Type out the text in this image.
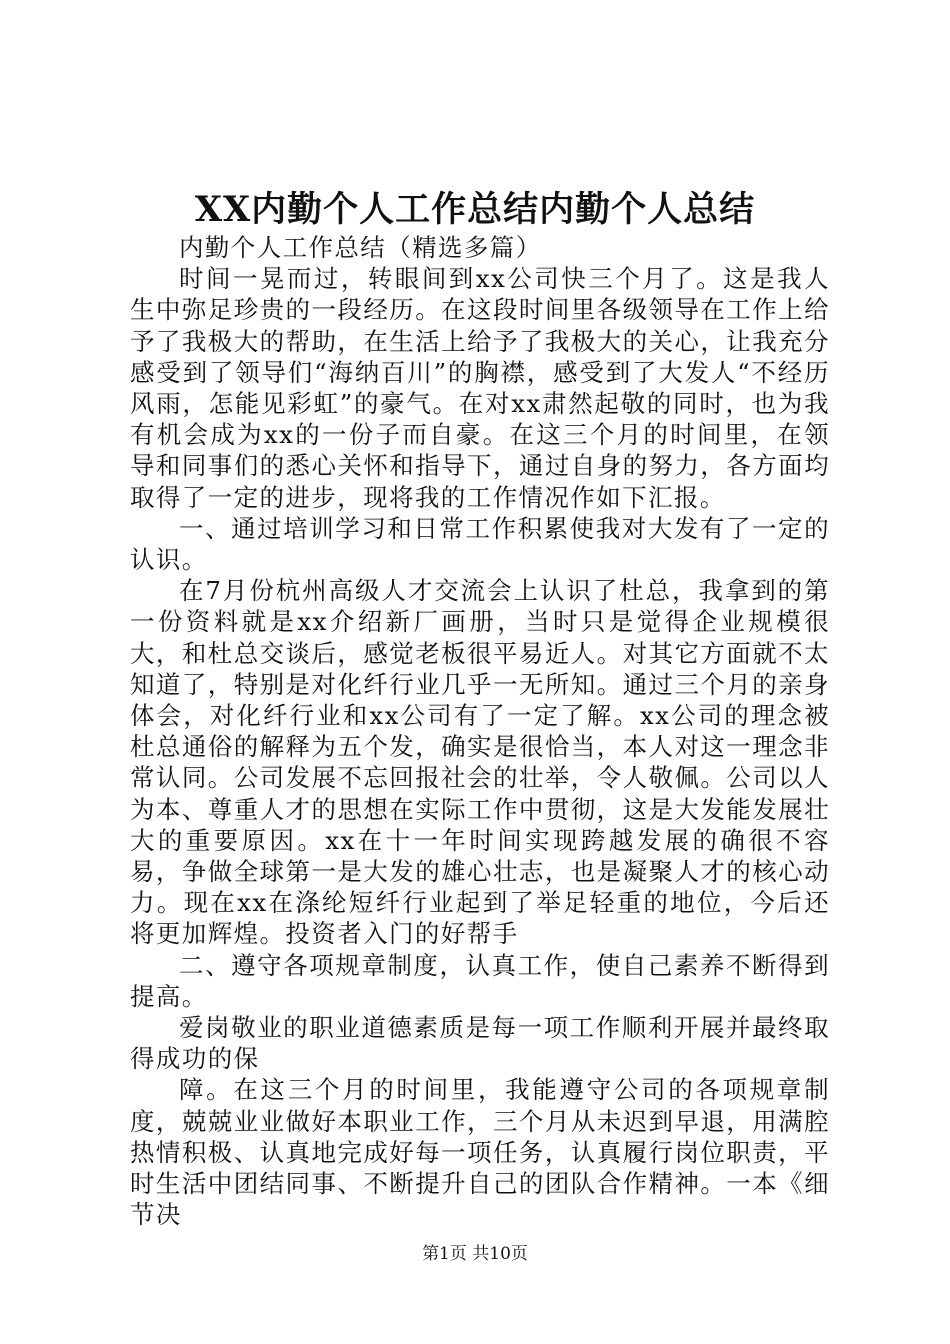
XX内勤个人工作总结内勤个人总结

内勤个人工作总结（精选多篇）

时间一晃而过，转眼间到xx公司快三个月了。这是我人生中弥足珍贵的一段经历。在这段时间里各级领导在工作上给予了我极大的帮助，在生活上给予了我极大的关心，让我充分感受到了领导们“海纳百川”的胸襟，感受到了大发人“不经历风雨，怎能见彩虹”的豪气。在对xx肃然起敬的同时，也为我有机会成为xx的一份子而自豪。在这三个月的时间里，在领导和同事们的悉心关怀和指导下，通过自身的努力，各方面均取得了一定的进步，现将我的工作情况作如下汇报。

一、通过培训学习和日常工作积累使我对大发有了一定的认识。

在7月份杭州高级人才交流会上认识了杜总，我拿到的第一份资料就是xx介绍新厂画册，当时只是觉得企业规模很大，和杜总交谈后，感觉老板很平易近人。对其它方面就不太知道了，特别是对化纤行业几乎一无所知。通过三个月的亲身体会，对化纤行业和xx公司有了一定了解。xx公司的理念被杜总通俗的解释为五个发，确实是很恰当，本人对这一理念非常认同。公司发展不忘回报社会的壮举，令人敬佩。公司以人为本、尊重人才的思想在实际工作中贯彻，这是大发能发展壮大的重要原因。xx在十一年时间实现跨越发展的确很不容易，争做全球第一是大发的雄心壮志，也是凝聚人才的核心动力。现在xx在涤纶短纤行业起到了举足轻重的地位，今后还将更加辉煌。投资者入门的好帮手

二、遵守各项规章制度，认真工作，使自己素养不断得到提高。

爱岗敬业的职业道德素质是每一项工作顺利开展并最终取得成功的保

障。在这三个月的时间里，我能遵守公司的各项规章制度，兢兢业业做好本职业工作，三个月从未迟到早退，用满腔热情积极、认真地完成好每一项任务，认真履行岗位职责，平时生活中团结同事、不断提升自己的团队合作精神。一本《细节决

第1页 共10页
